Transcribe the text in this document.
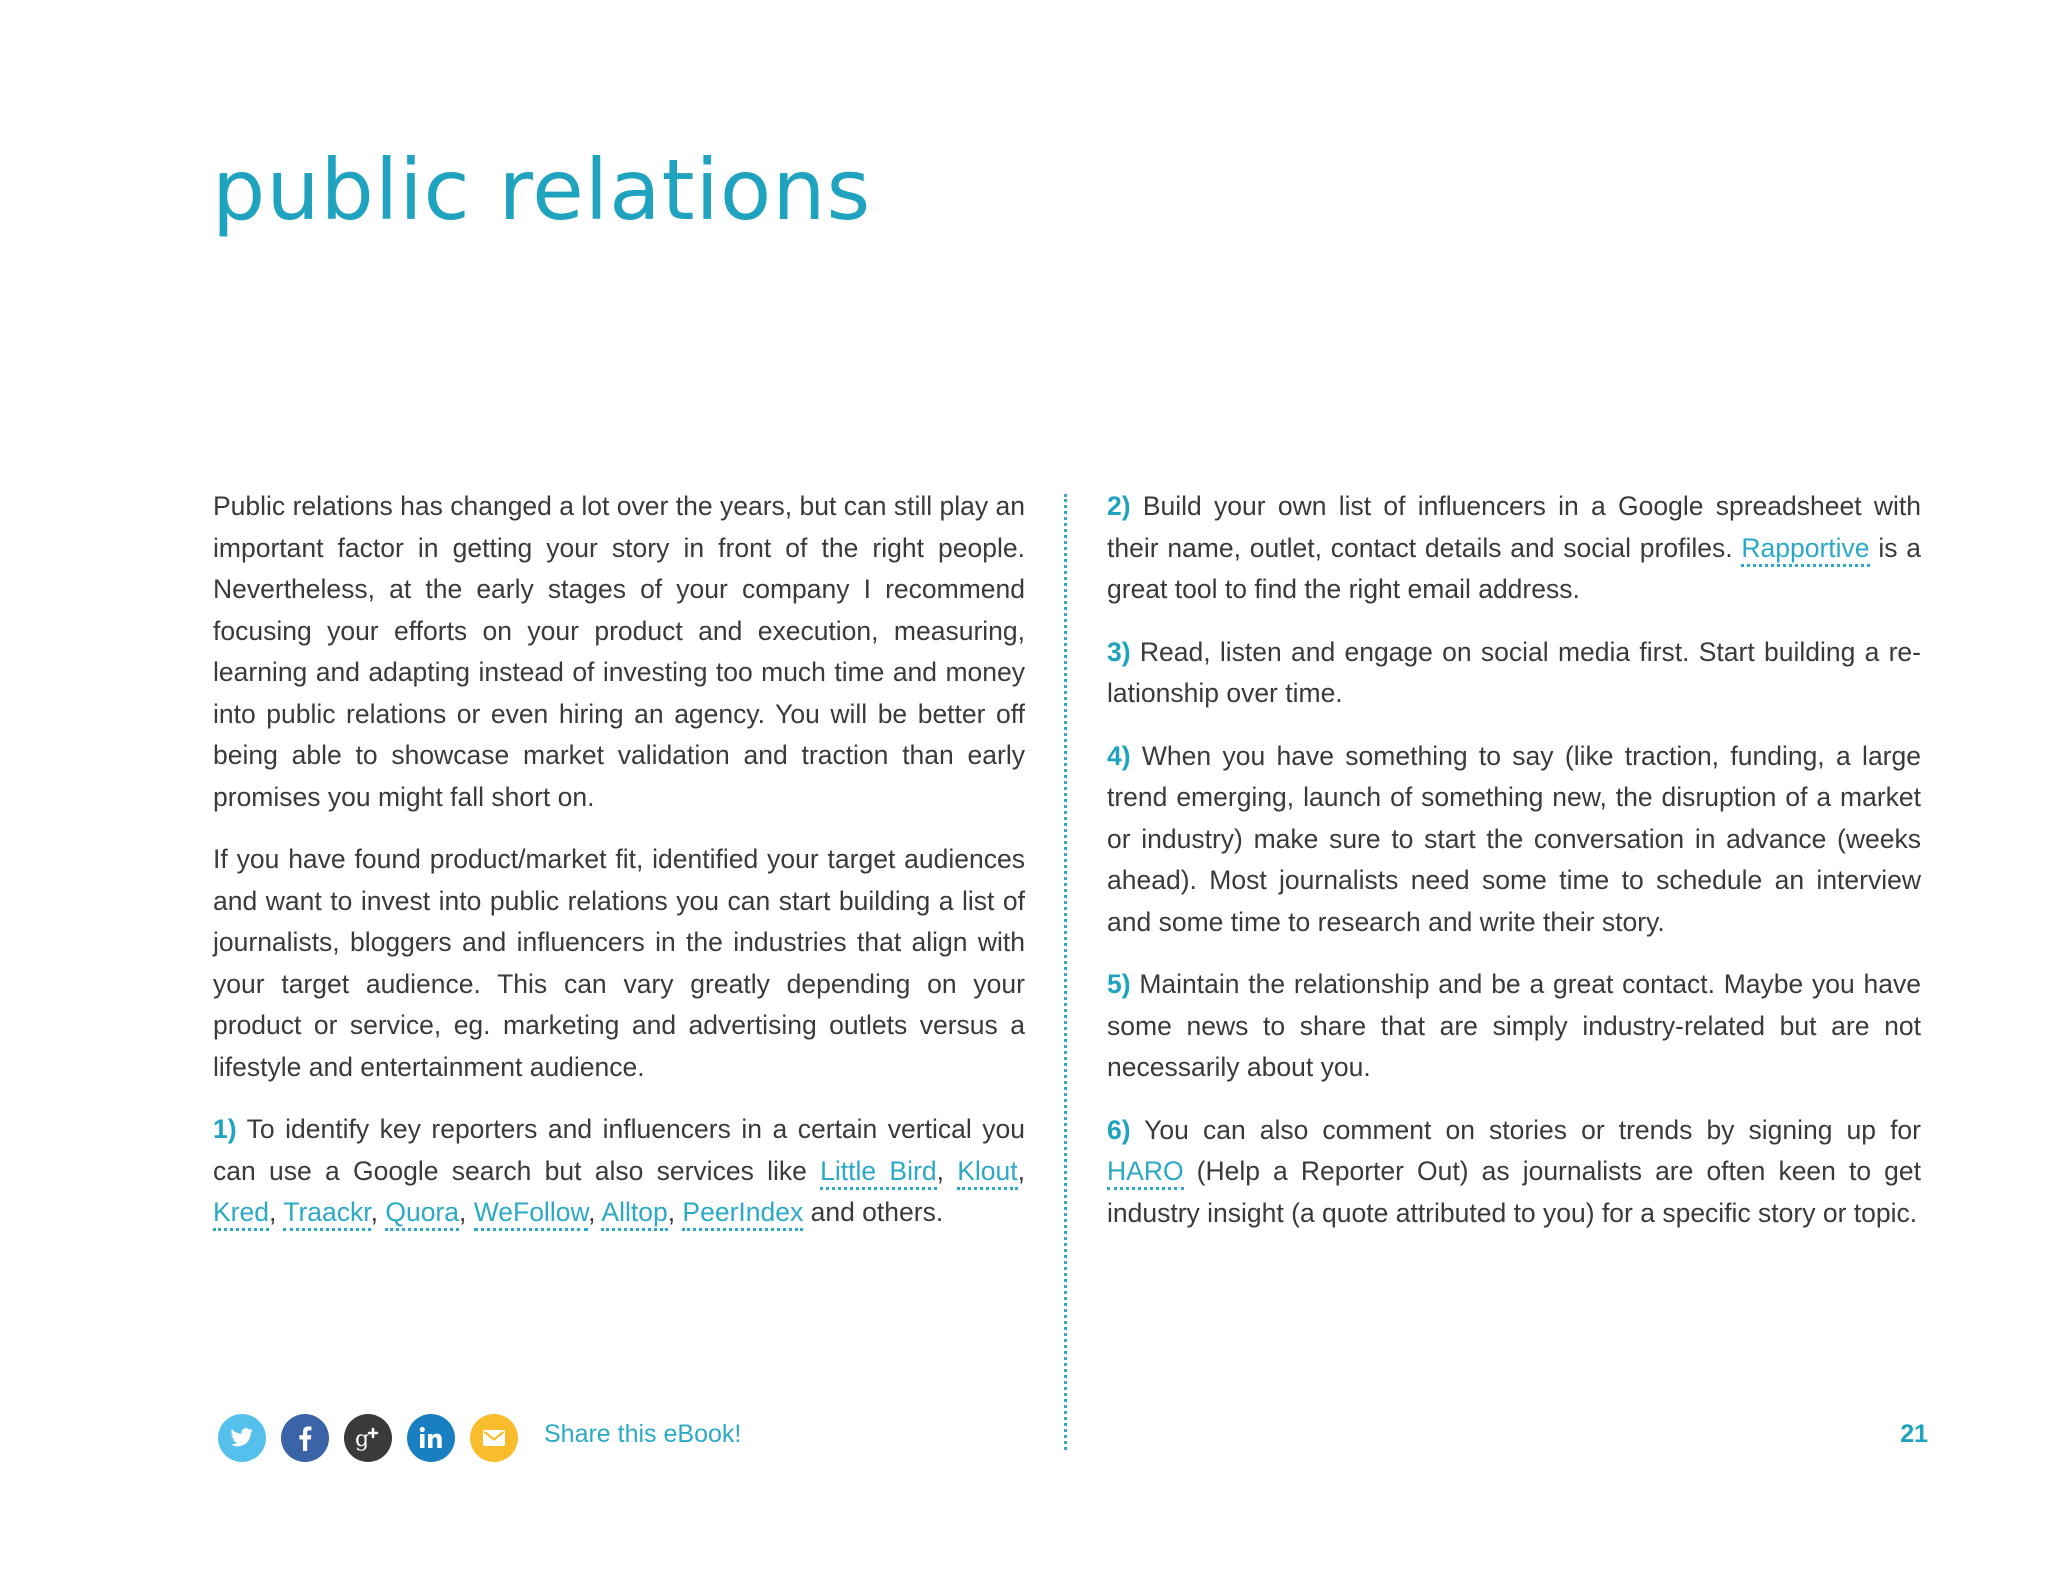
public relations

Public relations has changed a lot over the years, but can still play an important factor in getting your story in front of the right people. Nevertheless, at the early stages of your company I recommend focusing your efforts on your product and execution, measuring, learning and adapting instead of investing too much time and money into public relations or even hiring an agency. You will be better off being able to showcase market validation and traction than early promises you might fall short on.

If you have found product/market fit, identified your target audiences and want to invest into public relations you can start building a list of journalists, bloggers and influencers in the industries that align with your target audience. This can vary greatly depending on your product or service, eg. marketing and advertising outlets versus a lifestyle and entertainment audience.

1) To identify key reporters and influencers in a certain vertical you can use a Google search but also services like Little Bird, Klout, Kred, Traackr, Quora, WeFollow, Alltop, PeerIndex and others.

2) Build your own list of influencers in a Google spreadsheet with their name, outlet, contact details and social profiles. Rapportive is a great tool to find the right email address.

3) Read, listen and engage on social media first. Start building a relationship over time.

4) When you have something to say (like traction, funding, a large trend emerging, launch of something new, the disruption of a market or industry) make sure to start the conversation in advance (weeks ahead). Most journalists need some time to schedule an interview and some time to research and write their story.

5) Maintain the relationship and be a great contact. Maybe you have some news to share that are simply industry-related but are not necessarily about you.

6) You can also comment on stories or trends by signing up for HARO (Help a Reporter Out) as journalists are often keen to get industry insight (a quote attributed to you) for a specific story or topic.

g	Share this eBook!	21
